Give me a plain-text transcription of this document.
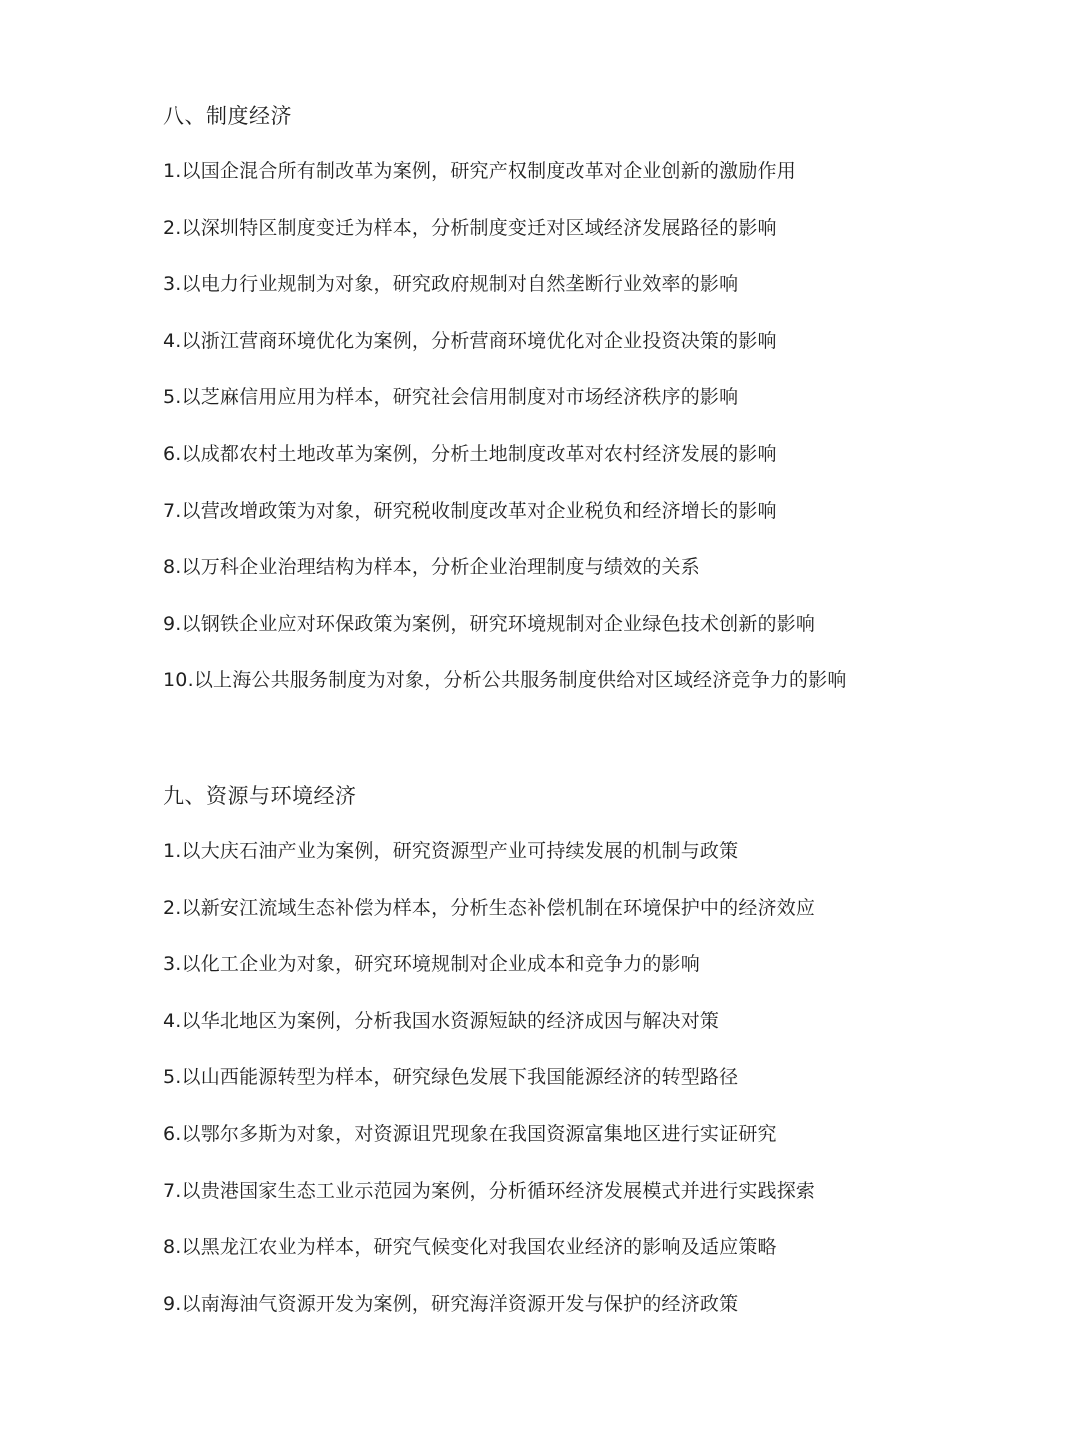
八、制度经济
1.以国企混合所有制改革为案例，研究产权制度改革对企业创新的激励作用
2.以深圳特区制度变迁为样本，分析制度变迁对区域经济发展路径的影响
3.以电力行业规制为对象，研究政府规制对自然垄断行业效率的影响
4.以浙江营商环境优化为案例，分析营商环境优化对企业投资决策的影响
5.以芝麻信用应用为样本，研究社会信用制度对市场经济秩序的影响
6.以成都农村土地改革为案例，分析土地制度改革对农村经济发展的影响
7.以营改增政策为对象，研究税收制度改革对企业税负和经济增长的影响
8.以万科企业治理结构为样本，分析企业治理制度与绩效的关系
9.以钢铁企业应对环保政策为案例，研究环境规制对企业绿色技术创新的影响
10.以上海公共服务制度为对象，分析公共服务制度供给对区域经济竞争力的影响
九、资源与环境经济
1.以大庆石油产业为案例，研究资源型产业可持续发展的机制与政策
2.以新安江流域生态补偿为样本，分析生态补偿机制在环境保护中的经济效应
3.以化工企业为对象，研究环境规制对企业成本和竞争力的影响
4.以华北地区为案例，分析我国水资源短缺的经济成因与解决对策
5.以山西能源转型为样本，研究绿色发展下我国能源经济的转型路径
6.以鄂尔多斯为对象，对资源诅咒现象在我国资源富集地区进行实证研究
7.以贵港国家生态工业示范园为案例，分析循环经济发展模式并进行实践探索
8.以黑龙江农业为样本，研究气候变化对我国农业经济的影响及适应策略
9.以南海油气资源开发为案例，研究海洋资源开发与保护的经济政策
